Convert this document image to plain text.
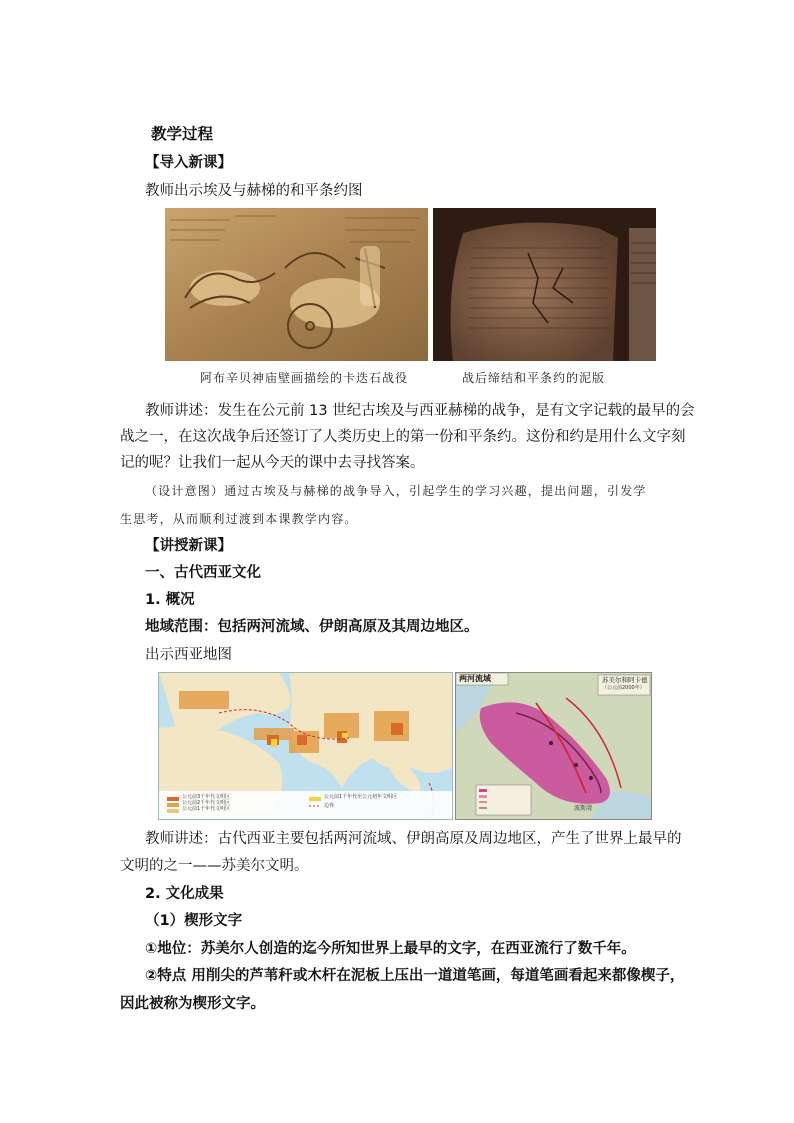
教学过程
【导入新课】
教师出示埃及与赫梯的和平条约图
阿布辛贝神庙壁画描绘的卡迭石战役	战后缔结和平条约的泥版
教师讲述：发生在公元前 13 世纪古埃及与西亚赫梯的战争，是有文字记载的最早的会
战之一，在这次战争后还签订了人类历史上的第一份和平条约。这份和约是用什么文字刻
记的呢？让我们一起从今天的课中去寻找答案。
（设计意图）通过古埃及与赫梯的战争导入，引起学生的学习兴趣，提出问题，引发学
生思考，从而顺利过渡到本课教学内容。
【讲授新课】
一、古代西亚文化
1. 概况
地域范围：包括两河流域、伊朗高原及其周边地区。
出示西亚地图
公元前3千年代文明区
公元前2千年代文明区
公元前1千年代文明区
公元前1千年代至公元初年文明区
边界
两河流域	苏美尔和阿卡德
（公元前2000年）
波斯湾
教师讲述：古代西亚主要包括两河流域、伊朗高原及周边地区，产生了世界上最早的
文明的之一——苏美尔文明。
2. 文化成果
（1）楔形文字
①地位：苏美尔人创造的迄今所知世界上最早的文字，在西亚流行了数千年。
②特点 用削尖的芦苇秆或木杆在泥板上压出一道道笔画，每道笔画看起来都像楔子，
因此被称为楔形文字。
